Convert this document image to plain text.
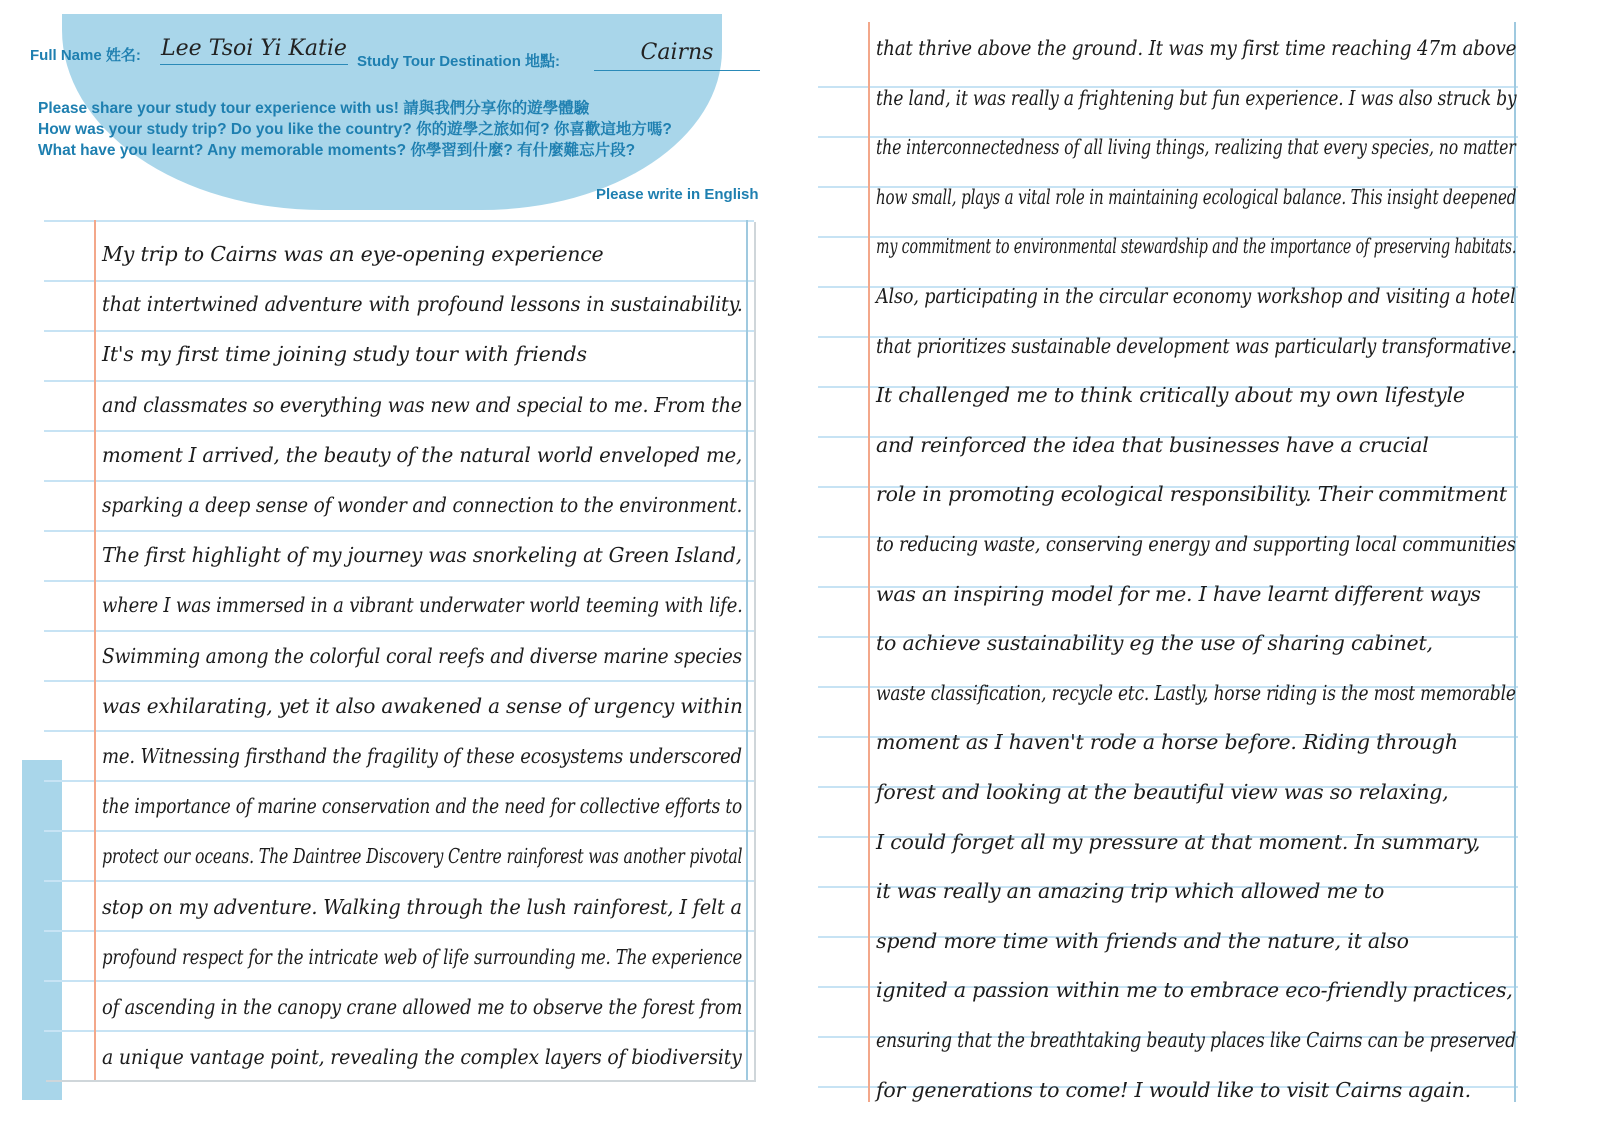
Full Name 姓名: Lee Tsoi Yi Katie
Study Tour Destination 地點:	Cairns
Please share your study tour experience with us! 請與我們分享你的遊學體驗
How was your study trip? Do you like the country? 你的遊學之旅如何? 你喜歡這地方嗎?
What have you learnt? Any memorable moments? 你學習到什麼? 有什麼難忘片段?
Please write in English
My trip to Cairns was an eye-opening experience
that intertwined adventure with profound lessons in sustainability.
It's my first time joining study tour with friends
and classmates so everything was new and special to me. From the
moment I arrived, the beauty of the natural world enveloped me,
sparking a deep sense of wonder and connection to the environment.
The first highlight of my journey was snorkeling at Green Island,
where I was immersed in a vibrant underwater world teeming with life.
Swimming among the colorful coral reefs and diverse marine species
was exhilarating, yet it also awakened a sense of urgency within
me. Witnessing firsthand the fragility of these ecosystems underscored
the importance of marine conservation and the need for collective efforts to
protect our oceans. The Daintree Discovery Centre rainforest was another pivotal
stop on my adventure. Walking through the lush rainforest, I felt a
profound respect for the intricate web of life surrounding me. The experience
of ascending in the canopy crane allowed me to observe the forest from
a unique vantage point, revealing the complex layers of biodiversity
that thrive above the ground. It was my first time reaching 47m above
the land, it was really a frightening but fun experience. I was also struck by
the interconnectedness of all living things, realizing that every species, no matter
how small, plays a vital role in maintaining ecological balance. This insight deepened
my commitment to environmental stewardship and the importance of preserving habitats.
Also, participating in the circular economy workshop and visiting a hotel
that prioritizes sustainable development was particularly transformative.
It challenged me to think critically about my own lifestyle
and reinforced the idea that businesses have a crucial
role in promoting ecological responsibility. Their commitment
to reducing waste, conserving energy and supporting local communities
was an inspiring model for me. I have learnt different ways
to achieve sustainability eg the use of sharing cabinet,
waste classification, recycle etc. Lastly, horse riding is the most memorable
moment as I haven't rode a horse before. Riding through
forest and looking at the beautiful view was so relaxing,
I could forget all my pressure at that moment. In summary,
it was really an amazing trip which allowed me to
spend more time with friends and the nature, it also
ignited a passion within me to embrace eco-friendly practices,
ensuring that the breathtaking beauty places like Cairns can be preserved
for generations to come! I would like to visit Cairns again.
